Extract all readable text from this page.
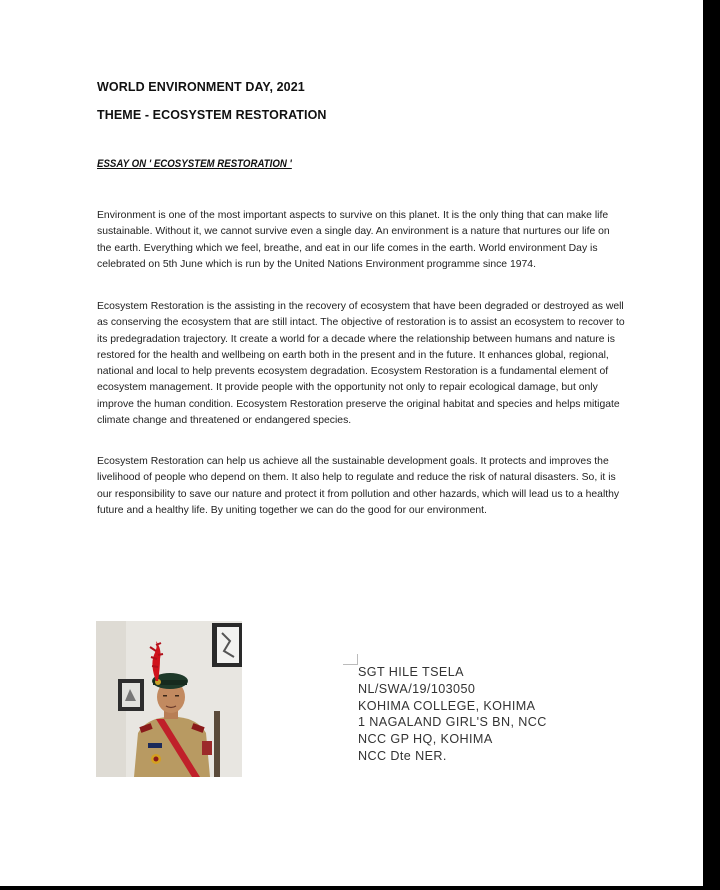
WORLD ENVIRONMENT DAY, 2021
THEME - ECOSYSTEM RESTORATION
ESSAY ON ' ECOSYSTEM RESTORATION '

Environment is one of the most important aspects to survive on this planet. It is the only thing that can make life sustainable. Without it, we cannot survive even a single day. An environment is a nature that nurtures our life on the earth. Everything which we feel, breathe, and eat in our life comes in the earth. World environment Day is celebrated on 5th June which is run by the United Nations Environment programme since 1974.

Ecosystem Restoration is the assisting in the recovery of ecosystem that have been degraded or destroyed as well as conserving the ecosystem that are still intact. The objective of restoration is to assist an ecosystem to recover to its predegradation trajectory. It create a world for a decade where the relationship between humans and nature is restored for the health and wellbeing on earth both in the present and in the future. It enhances global, regional, national and local to help prevents ecosystem degradation. Ecosystem Restoration is a fundamental element of ecosystem management. It provide people with the opportunity not only to repair ecological damage, but only improve the human condition. Ecosystem Restoration preserve the original habitat and species and helps mitigate climate change and threatened or endangered species.

Ecosystem Restoration can help us achieve all the sustainable development goals. It protects and improves the livelihood of people who depend on them. It also help to regulate and reduce the risk of natural disasters. So, it is our responsibility to save our nature and protect it from pollution and other hazards, which will lead us to a healthy future and a healthy life. By uniting together we can do the good for our environment.

SGT HILE TSELA
NL/SWA/19/103050
KOHIMA COLLEGE, KOHIMA
1 NAGALAND GIRL'S BN, NCC
NCC GP HQ, KOHIMA
NCC Dte NER.
